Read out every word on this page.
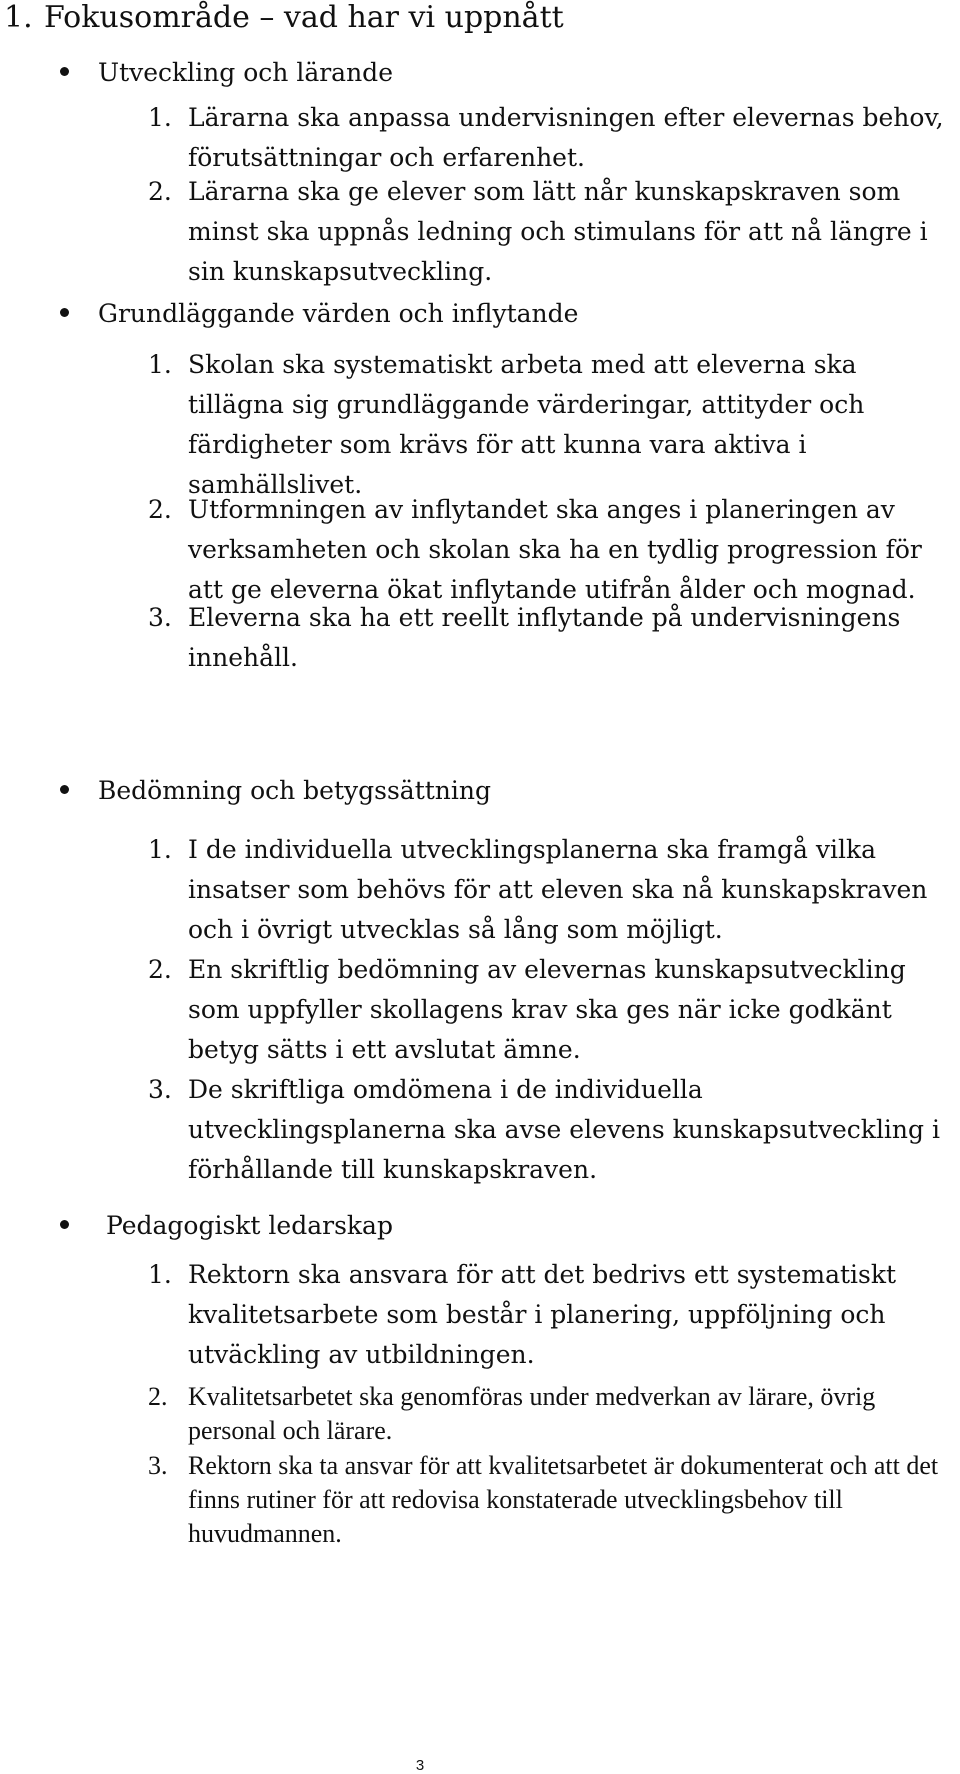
1. Fokusområde – vad har vi uppnått
Utveckling och lärande
1. Lärarna ska anpassa undervisningen efter elevernas behov, förutsättningar och erfarenhet.
2. Lärarna ska ge elever som lätt når kunskapskraven som minst ska uppnås ledning och stimulans för att nå längre i sin kunskapsutveckling.
Grundläggande värden och inflytande
1. Skolan ska systematiskt arbeta med att eleverna ska tillägna sig grundläggande värderingar, attityder och färdigheter som krävs för att kunna vara aktiva i samhällslivet.
2. Utformningen av inflytandet ska anges i planeringen av verksamheten och skolan ska ha en tydlig progression för att ge eleverna ökat inflytande utifrån ålder och mognad.
3. Eleverna ska ha ett reellt inflytande på undervisningens innehåll.
Bedömning och betygssättning
1. I de individuella utvecklingsplanerna ska framgå vilka insatser som behövs för att eleven ska nå kunskapskraven och i övrigt utvecklas så lång som möjligt.
2. En skriftlig bedömning av elevernas kunskapsutveckling som uppfyller skollagens krav ska ges när icke godkänt betyg sätts i ett avslutat ämne.
3. De skriftliga omdömena i de individuella utvecklingsplanerna ska avse elevens kunskapsutveckling i förhållande till kunskapskraven.
Pedagogiskt ledarskap
1. Rektorn ska ansvara för att det bedrivs ett systematiskt kvalitetsarbete som består i planering, uppföljning och utväckling av utbildningen.
2. Kvalitetsarbetet ska genomföras under medverkan av lärare, övrig personal och lärare.
3. Rektorn ska ta ansvar för att kvalitetsarbetet är dokumenterat och att det finns rutiner för att redovisa konstaterade utvecklingsbehov till huvudmannen.
3
